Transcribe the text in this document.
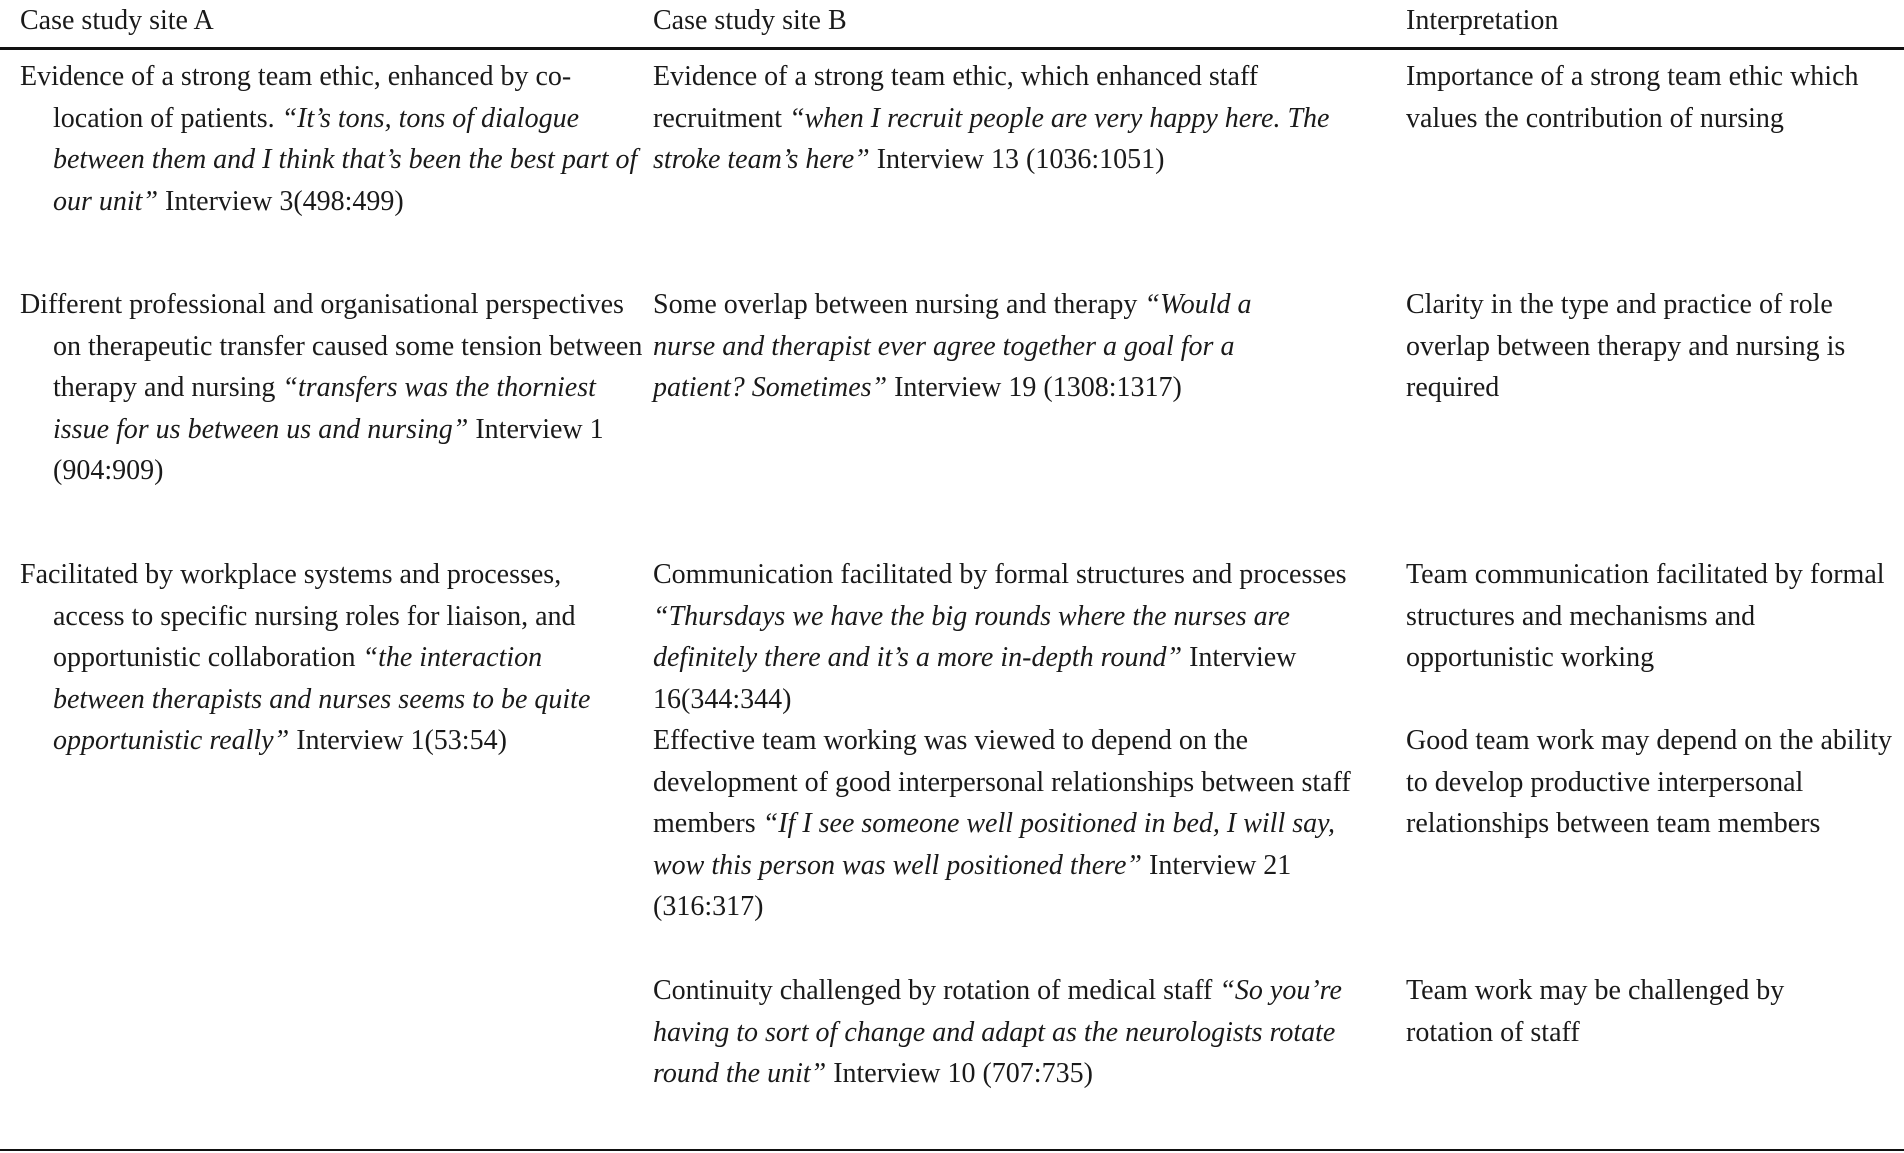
Case study site A	Case study site B	Interpretation
Evidence of a strong team ethic, enhanced by co-location of patients. “It’s tons, tons of dialogue between them and I think that’s been the best part of our unit” Interview 3(498:499)
Evidence of a strong team ethic, which enhanced staff recruitment “when I recruit people are very happy here. The stroke team’s here” Interview 13 (1036:1051)
Importance of a strong team ethic which values the contribution of nursing
Different professional and organisational perspectives on therapeutic transfer caused some tension between therapy and nursing “transfers was the thorniest issue for us between us and nursing” Interview 1 (904:909)
Some overlap between nursing and therapy “Would a nurse and therapist ever agree together a goal for a patient? Sometimes” Interview 19 (1308:1317)
Clarity in the type and practice of role overlap between therapy and nursing is required
Facilitated by workplace systems and processes, access to specific nursing roles for liaison, and opportunistic collaboration “the interaction between therapists and nurses seems to be quite opportunistic really” Interview 1(53:54)
Communication facilitated by formal structures and processes “Thursdays we have the big rounds where the nurses are definitely there and it’s a more in-depth round” Interview 16(344:344)
Team communication facilitated by formal structures and mechanisms and opportunistic working
Effective team working was viewed to depend on the development of good interpersonal relationships between staff members “If I see someone well positioned in bed, I will say, wow this person was well positioned there” Interview 21 (316:317)
Good team work may depend on the ability to develop productive interpersonal relationships between team members
Continuity challenged by rotation of medical staff “So you’re having to sort of change and adapt as the neurologists rotate round the unit” Interview 10 (707:735)
Team work may be challenged by rotation of staff
